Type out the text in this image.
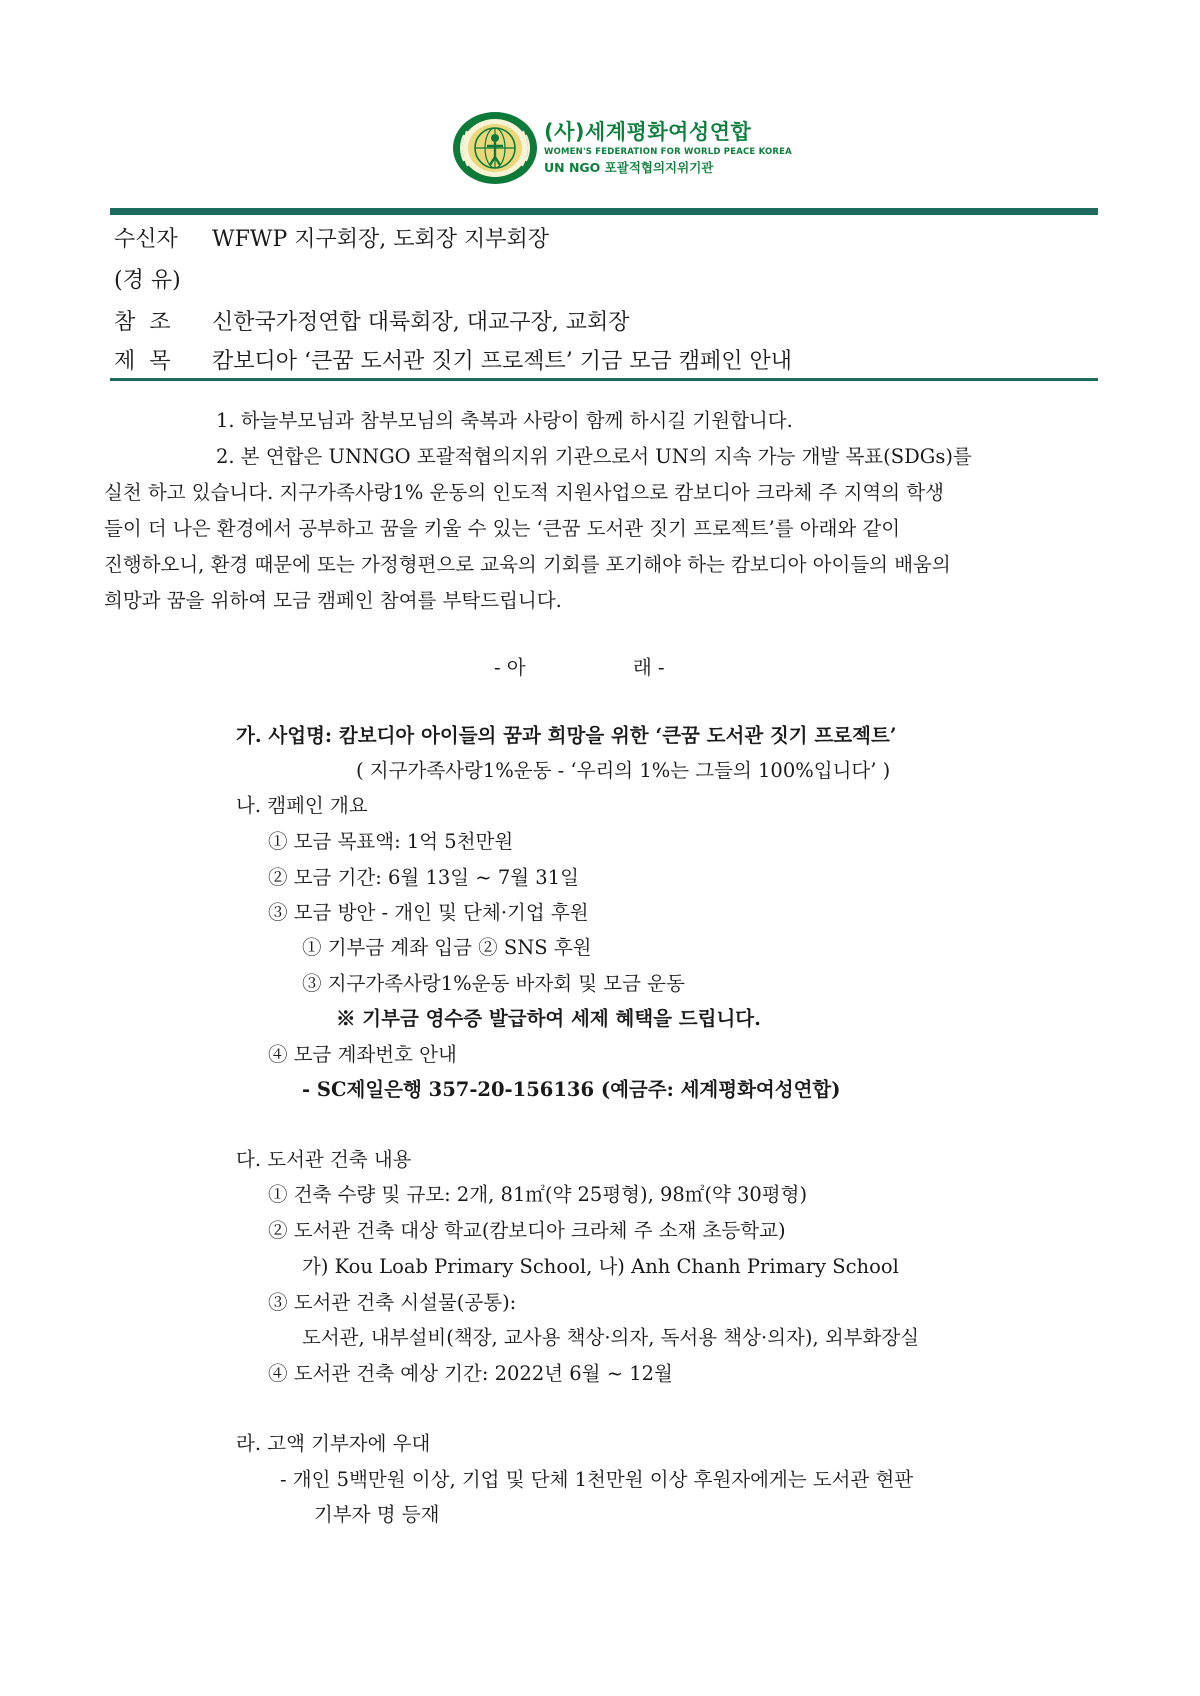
(사)세계평화여성연합
WOMEN'S FEDERATION FOR WORLD PEACE KOREA
UN NGO 포괄적협의지위기관
수신자 WFWP 지구회장, 도회장 지부회장
(경 유)
참  조 신한국가정연합 대륙회장, 대교구장, 교회장
제  목 캄보디아 ‘큰꿈 도서관 짓기 프로젝트’ 기금 모금 캠페인 안내
1. 하늘부모님과 참부모님의 축복과 사랑이 함께 하시길 기원합니다.
2. 본 연합은 UNNGO 포괄적협의지위 기관으로서 UN의 지속 가능 개발 목표(SDGs)를
실천 하고 있습니다. 지구가족사랑1% 운동의 인도적 지원사업으로 캄보디아 크라체 주 지역의 학생
들이 더 나은 환경에서 공부하고 꿈을 키울 수 있는 ‘큰꿈 도서관 짓기 프로젝트’를 아래와 같이
진행하오니, 환경 때문에 또는 가정형편으로 교육의 기회를 포기해야 하는 캄보디아 아이들의 배움의
희망과 꿈을 위하여 모금 캠페인 참여를 부탁드립니다.
- 아	래 -
가. 사업명: 캄보디아 아이들의 꿈과 희망을 위한 ‘큰꿈 도서관 짓기 프로젝트’
( 지구가족사랑1%운동 - ‘우리의 1%는 그들의 100%입니다’ )
나. 캠페인 개요
① 모금 목표액: 1억 5천만원
② 모금 기간: 6월 13일 ~ 7월 31일
③ 모금 방안 - 개인 및 단체·기업 후원
① 기부금 계좌 입금 ② SNS 후원
③ 지구가족사랑1%운동 바자회 및 모금 운동
※ 기부금 영수증 발급하여 세제 혜택을 드립니다.
④ 모금 계좌번호 안내
- SC제일은행 357-20-156136 (예금주: 세계평화여성연합)
다. 도서관 건축 내용
① 건축 수량 및 규모: 2개, 81㎡(약 25평형), 98㎡(약 30평형)
② 도서관 건축 대상 학교(캄보디아 크라체 주 소재 초등학교)
가) Kou Loab Primary School, 나) Anh Chanh Primary School
③ 도서관 건축 시설물(공통):
도서관, 내부설비(책장, 교사용 책상·의자, 독서용 책상·의자), 외부화장실
④ 도서관 건축 예상 기간: 2022년 6월 ~ 12월
라. 고액 기부자에 우대
- 개인 5백만원 이상, 기업 및 단체 1천만원 이상 후원자에게는 도서관 현판
기부자 명 등재
